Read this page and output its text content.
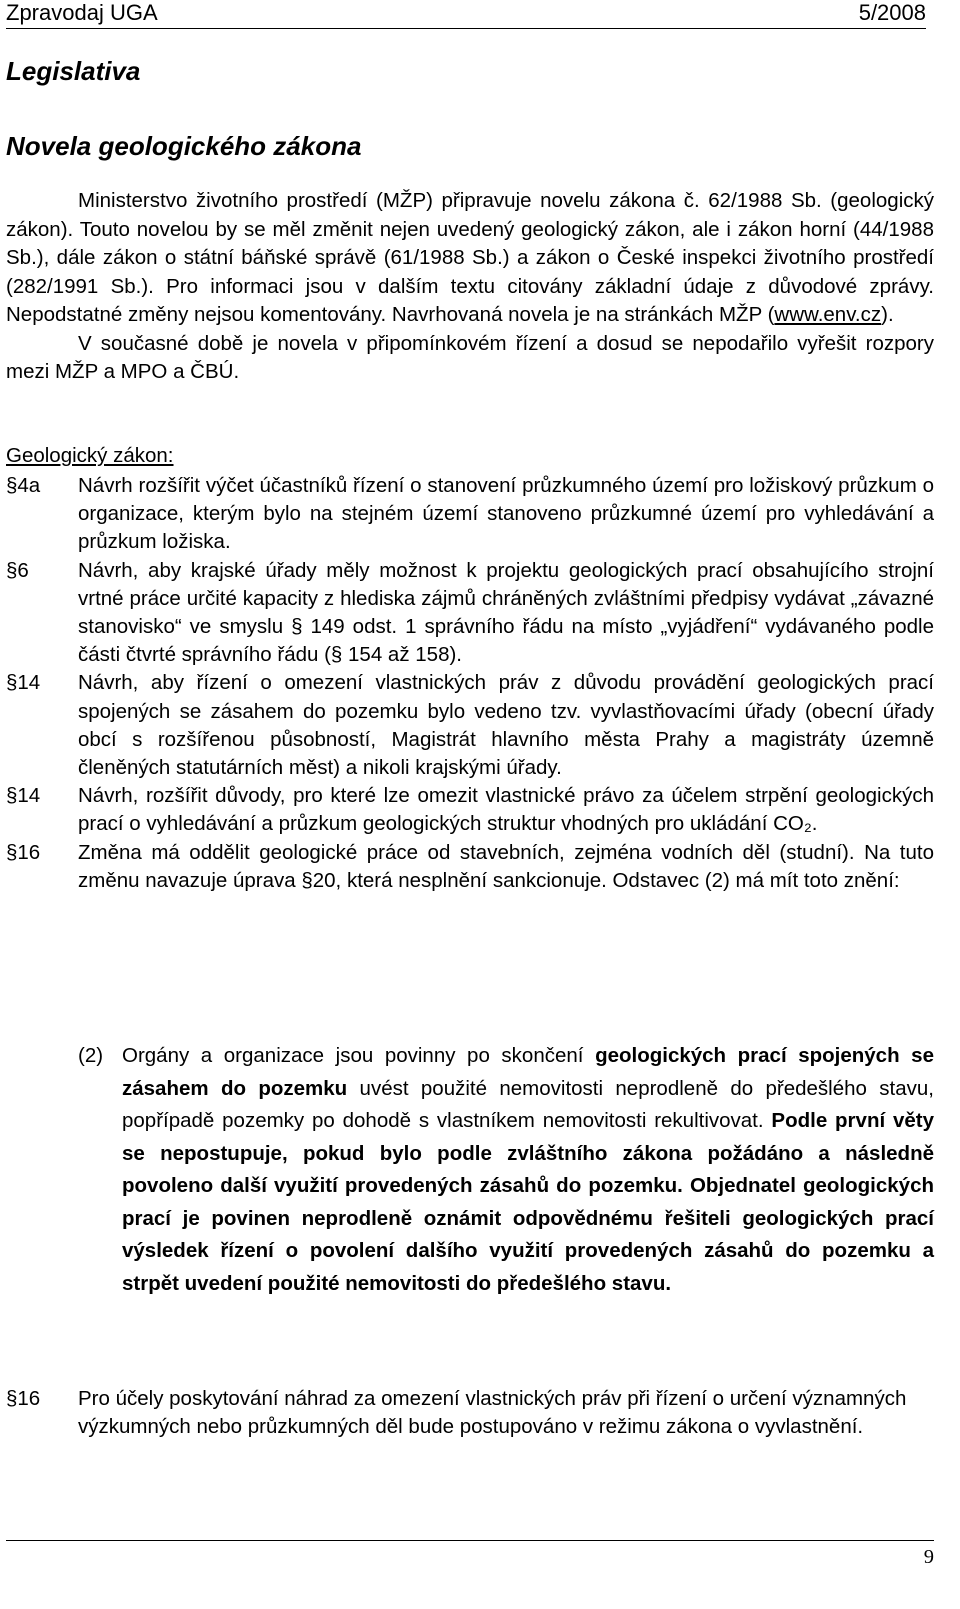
Zpravodaj UGA	5/2008
Legislativa
Novela geologického zákona

Ministerstvo životního prostředí (MŽP) připravuje novelu zákona č. 62/1988 Sb. (geologický zákon). Touto novelou by se měl změnit nejen uvedený geologický zákon, ale i zákon horní (44/1988 Sb.), dále zákon o státní báňské správě (61/1988 Sb.) a zákon o České inspekci životního prostředí (282/1991 Sb.). Pro informaci jsou v dalším textu citovány základní údaje z důvodové zprávy. Nepodstatné změny nejsou komentovány. Navrhovaná novela je na stránkách MŽP (www.env.cz).

V současné době je novela v připomínkovém řízení a dosud se nepodařilo vyřešit rozpory mezi MŽP a MPO a ČBÚ.

Geologický zákon:
§4a Návrh rozšířit výčet účastníků řízení o stanovení průzkumného území pro ložiskový průzkum o organizace, kterým bylo na stejném území stanoveno průzkumné území pro vyhledávání a průzkum ložiska.
§6 Návrh, aby krajské úřady měly možnost k projektu geologických prací obsahujícího strojní vrtné práce určité kapacity z hlediska zájmů chráněných zvláštními předpisy vydávat „závazné stanovisko“ ve smyslu § 149 odst. 1 správního řádu na místo „vyjádření“ vydávaného podle části čtvrté správního řádu (§ 154 až 158).
§14 Návrh, aby řízení o omezení vlastnických práv z důvodu provádění geologických prací spojených se zásahem do pozemku bylo vedeno tzv. vyvlastňovacími úřady (obecní úřady obcí s rozšířenou působností, Magistrát hlavního města Prahy a magistráty územně členěných statutárních měst) a nikoli krajskými úřady.
§14 Návrh, rozšířit důvody, pro které lze omezit vlastnické právo za účelem strpění geologických prací o vyhledávání a průzkum geologických struktur vhodných pro ukládání CO₂.
§16 Změna má oddělit geologické práce od stavebních, zejména vodních děl (studní). Na tuto změnu navazuje úprava §20, která nesplnění sankcionuje. Odstavec (2) má mít toto znění:
(2) Orgány a organizace jsou povinny po skončení geologických prací spojených se zásahem do pozemku uvést použité nemovitosti neprodleně do předešlého stavu, popřípadě pozemky po dohodě s vlastníkem nemovitosti rekultivovat. Podle první věty se nepostupuje, pokud bylo podle zvláštního zákona požádáno a následně povoleno další využití provedených zásahů do pozemku. Objednatel geologických prací je povinen neprodleně oznámit odpovědnému řešiteli geologických prací výsledek řízení o povolení dalšího využití provedených zásahů do pozemku a strpět uvedení použité nemovitosti do předešlého stavu.
§16	Pro účely poskytování náhrad za omezení vlastnických práv při řízení o určení významných výzkumných nebo průzkumných děl bude postupováno v režimu zákona o vyvlastnění.
9
